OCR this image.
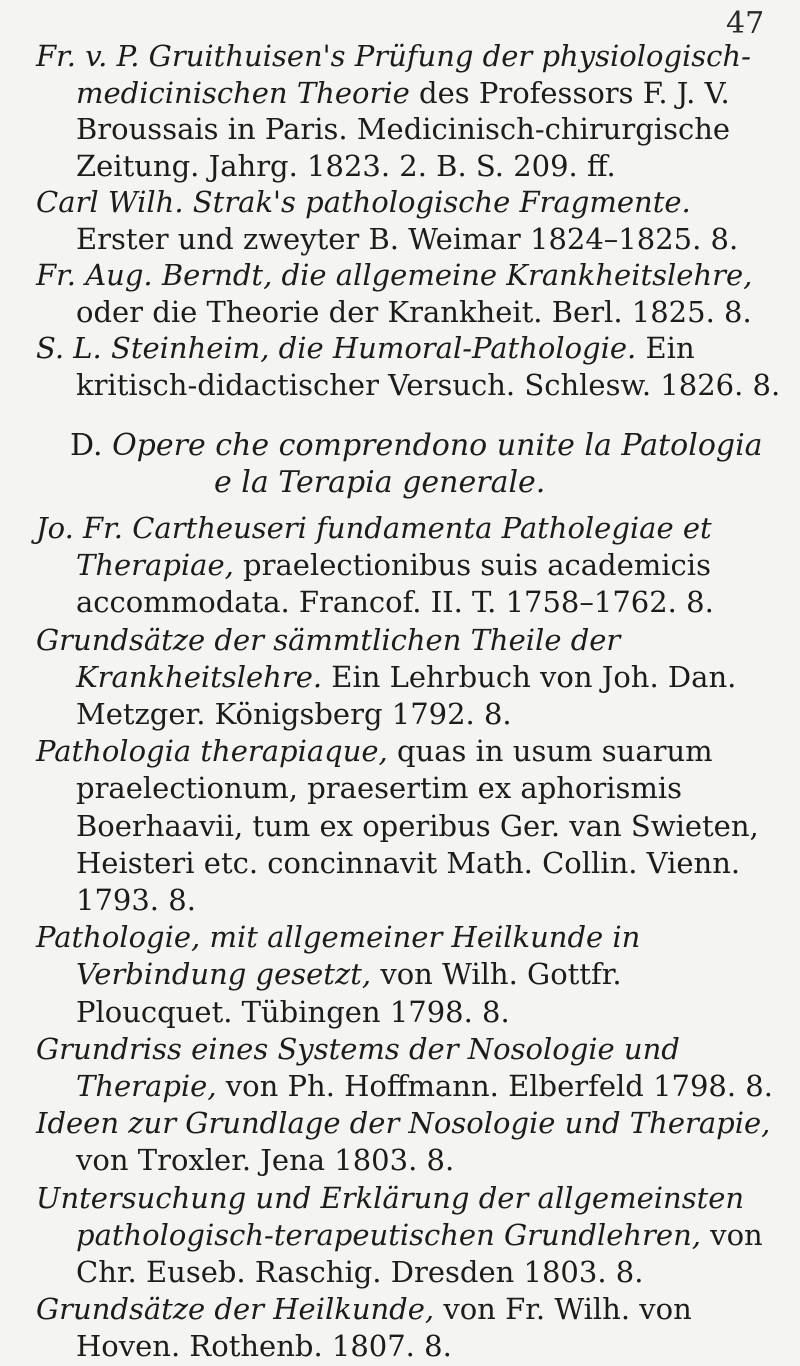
47

Fr. v. P. Gruithuisen's Prüfung der physiologisch-medicinischen Theorie des Professors F. J. V. Broussais in Paris. Medicinisch-chirurgische Zeitung. Jahrg. 1823. 2. B. S. 209. ff.

Carl Wilh. Strak's pathologische Fragmente. Erster und zweyter B. Weimar 1824–1825. 8.

Fr. Aug. Berndt, die allgemeine Krankheitslehre, oder die Theorie der Krankheit. Berl. 1825. 8.

S. L. Steinheim, die Humoral-Pathologie. Ein kritisch-didactischer Versuch. Schlesw. 1826. 8.

D. Opere che comprendono unite la Patologia
e la Terapia generale.

Jo. Fr. Cartheuseri fundamenta Patholegiae et Therapiae, praelectionibus suis academicis accommodata. Francof. II. T. 1758–1762. 8.

Grundsätze der sämmtlichen Theile der Krankheitslehre. Ein Lehrbuch von Joh. Dan. Metzger. Königsberg 1792. 8.

Pathologia therapiaque, quas in usum suarum praelectionum, praesertim ex aphorismis Boerhaavii, tum ex operibus Ger. van Swieten, Heisteri etc. concinnavit Math. Collin. Vienn. 1793. 8.

Pathologie, mit allgemeiner Heilkunde in Verbindung gesetzt, von Wilh. Gottfr. Ploucquet. Tübingen 1798. 8.

Grundriss eines Systems der Nosologie und Therapie, von Ph. Hoffmann. Elberfeld 1798. 8.

Ideen zur Grundlage der Nosologie und Therapie, von Troxler. Jena 1803. 8.

Untersuchung und Erklärung der allgemeinsten pathologisch-terapeutischen Grundlehren, von Chr. Euseb. Raschig. Dresden 1803. 8.

Grundsätze der Heilkunde, von Fr. Wilh. von Hoven. Rothenb. 1807. 8.
